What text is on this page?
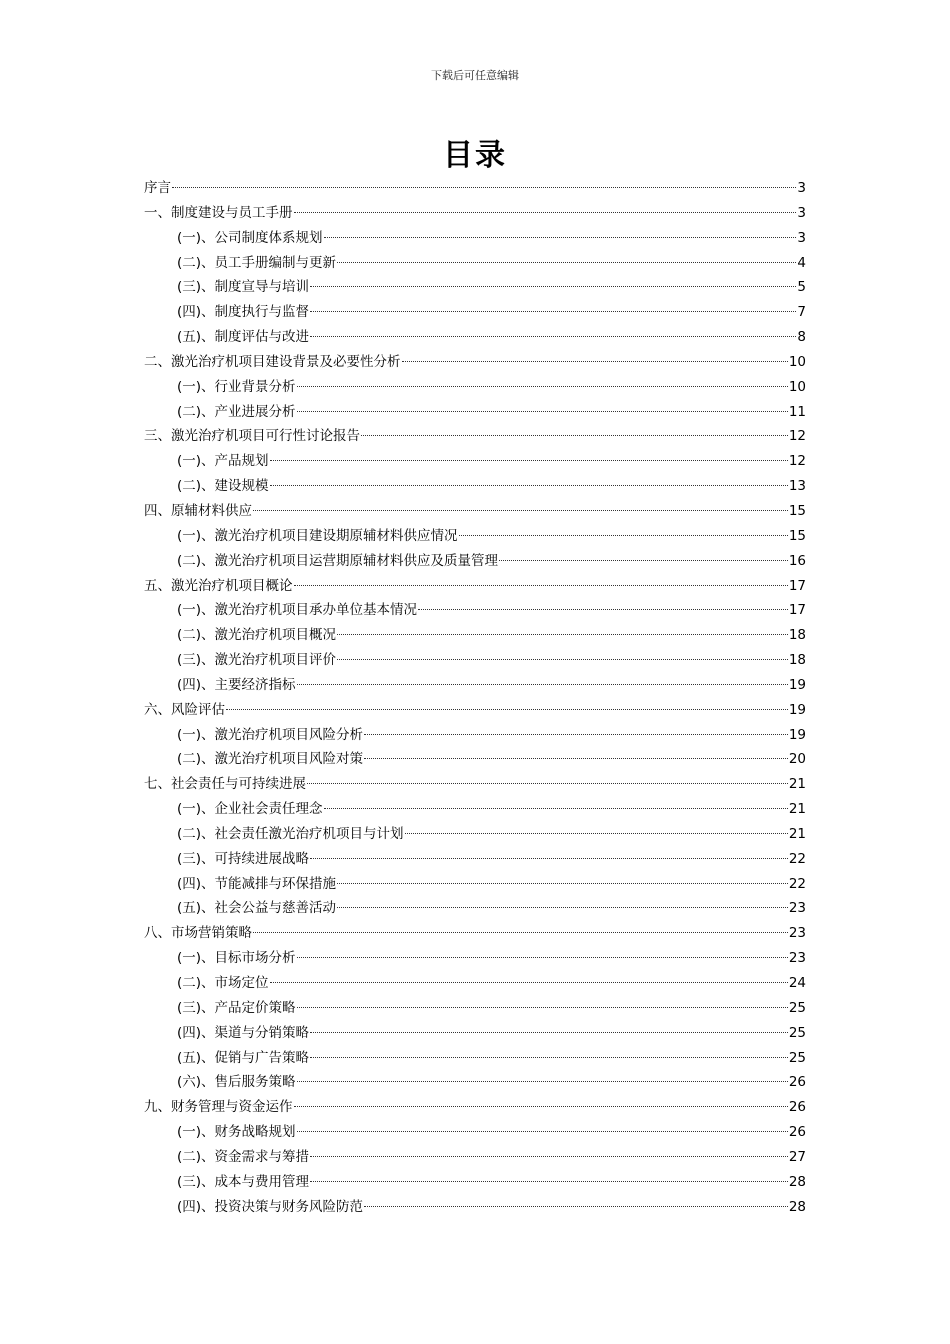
下载后可任意编辑
目录
序言	3
一、制度建设与员工手册	3
(一)、公司制度体系规划	3
(二)、员工手册编制与更新	4
(三)、制度宣导与培训	5
(四)、制度执行与监督	7
(五)、制度评估与改进	8
二、激光治疗机项目建设背景及必要性分析	10
(一)、行业背景分析	10
(二)、产业进展分析	11
三、激光治疗机项目可行性讨论报告	12
(一)、产品规划	12
(二)、建设规模	13
四、原辅材料供应	15
(一)、激光治疗机项目建设期原辅材料供应情况	15
(二)、激光治疗机项目运营期原辅材料供应及质量管理	16
五、激光治疗机项目概论	17
(一)、激光治疗机项目承办单位基本情况	17
(二)、激光治疗机项目概况	18
(三)、激光治疗机项目评价	18
(四)、主要经济指标	19
六、风险评估	19
(一)、激光治疗机项目风险分析	19
(二)、激光治疗机项目风险对策	20
七、社会责任与可持续进展	21
(一)、企业社会责任理念	21
(二)、社会责任激光治疗机项目与计划	21
(三)、可持续进展战略	22
(四)、节能减排与环保措施	22
(五)、社会公益与慈善活动	23
八、市场营销策略	23
(一)、目标市场分析	23
(二)、市场定位	24
(三)、产品定价策略	25
(四)、渠道与分销策略	25
(五)、促销与广告策略	25
(六)、售后服务策略	26
九、财务管理与资金运作	26
(一)、财务战略规划	26
(二)、资金需求与筹措	27
(三)、成本与费用管理	28
(四)、投资决策与财务风险防范	28
